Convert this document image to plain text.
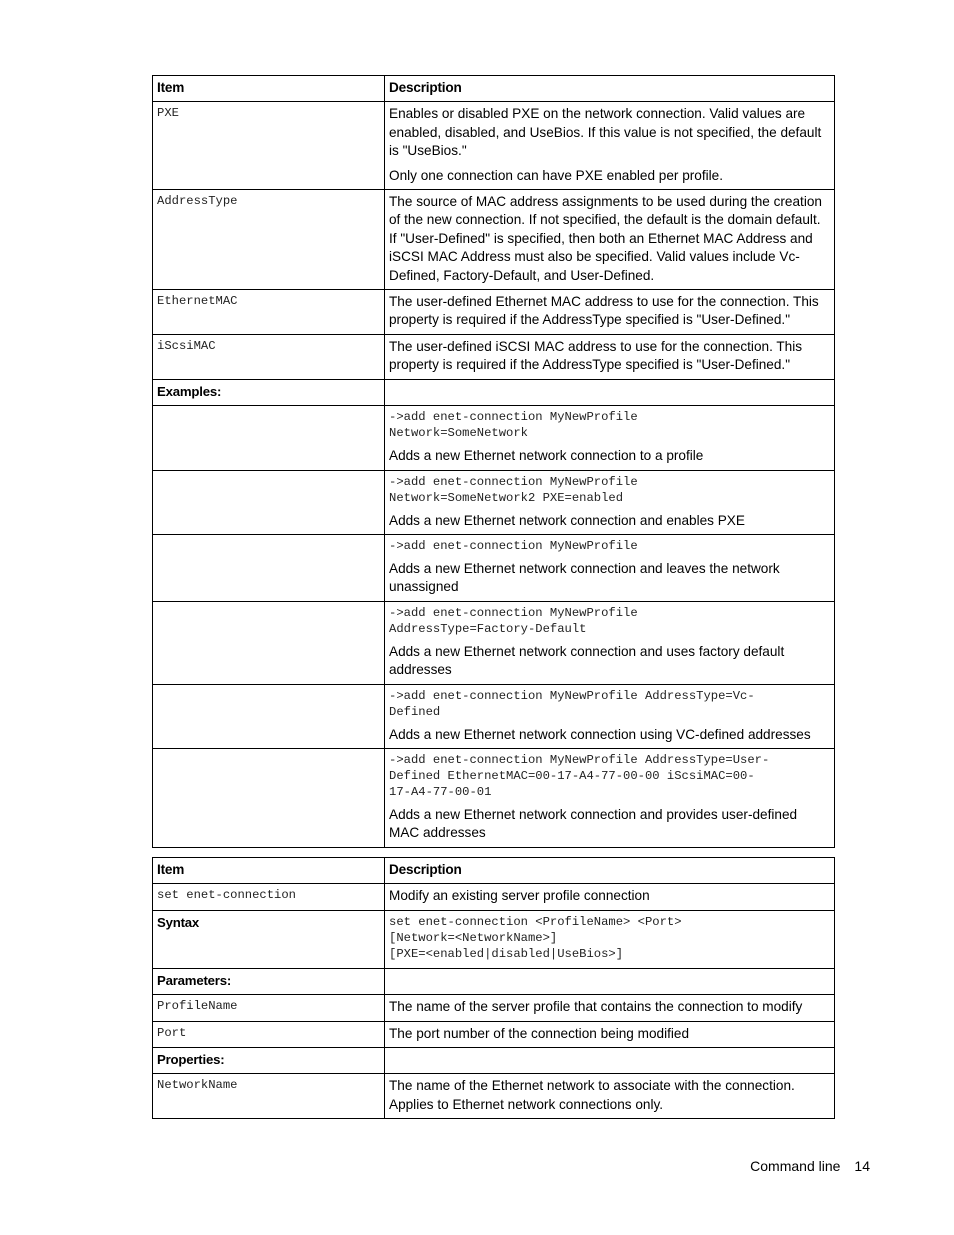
Item	Description
PXE	Enables or disabled PXE on the network connection. Valid values are enabled, disabled, and UseBios. If this value is not specified, the default is "UseBios."

Only one connection can have PXE enabled per profile.

AddressType	The source of MAC address assignments to be used during the creation of the new connection. If not specified, the default is the domain default. If "User-Defined" is specified, then both an Ethernet MAC Address and iSCSI MAC Address must also be specified. Valid values include Vc-Defined, Factory-Default, and User-Defined.

EthernetMAC	The user-defined Ethernet MAC address to use for the connection. This property is required if the AddressType specified is "User-Defined."

iScsiMAC	The user-defined iSCSI MAC address to use for the connection. This property is required if the AddressType specified is "User-Defined."

Examples:	

	->add enet-connection MyNewProfile
Network=SomeNetwork
Adds a new Ethernet network connection to a profile

	->add enet-connection MyNewProfile
Network=SomeNetwork2 PXE=enabled
Adds a new Ethernet network connection and enables PXE

	->add enet-connection MyNewProfile
Adds a new Ethernet network connection and leaves the network unassigned

	->add enet-connection MyNewProfile
AddressType=Factory-Default
Adds a new Ethernet network connection and uses factory default addresses

	->add enet-connection MyNewProfile AddressType=Vc-
Defined
Adds a new Ethernet network connection using VC-defined addresses

	->add enet-connection MyNewProfile AddressType=User-
Defined EthernetMAC=00-17-A4-77-00-00 iScsiMAC=00-
17-A4-77-00-01
Adds a new Ethernet network connection and provides user-defined MAC addresses
Item	Description
set enet-connection	Modify an existing server profile connection
Syntax	set enet-connection <ProfileName> <Port>
[Network=<NetworkName>]
[PXE=<enabled|disabled|UseBios>]

Parameters:	
ProfileName	The name of the server profile that contains the connection to modify
Port	The port number of the connection being modified
Properties:	
NetworkName	The name of the Ethernet network to associate with the connection. Applies to Ethernet network connections only.
Command line 14
